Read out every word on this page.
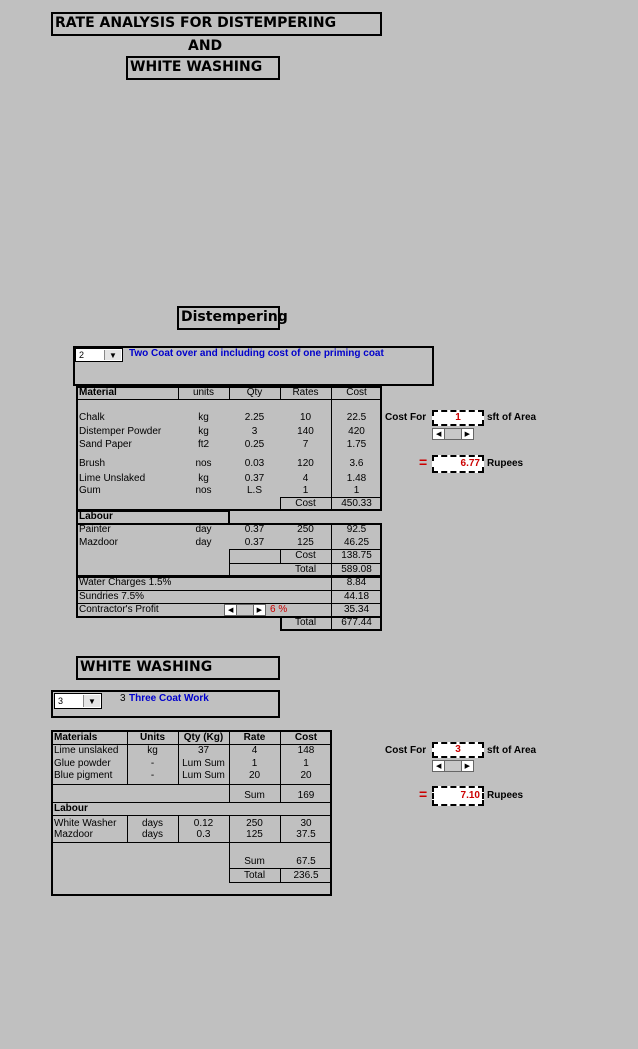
RATE ANALYSIS FOR DISTEMPERING
AND
WHITE WASHING
Distempering
2	▼	Two Coat over and including cost of one priming coat
Material	units	Qty	Rates	Cost
Chalk	kg	2.25	10	22.5
Distemper Powder	kg	3	140	420
Sand Paper	ft2	0.25	7	1.75
Brush	nos	0.03	120	3.6
Lime Unslaked	kg	0.37	4	1.48
Gum	nos	L.S	1	1
Cost	450.33
Labour
Painter	day	0.37	250	92.5
Mazdoor	day	0.37	125	46.25
Cost	138.75
Total	589.08
Water Charges 1.5%	8.84
Sundries 7.5%	44.18
Contractor's Profit	◀	▶ 6 %	35.34
Total	677.44
Cost For	1	sft of Area
◀	▶
=	6.77 Rupees
WHITE WASHING
3	▼	3 Three Coat Work
Materials	Units	Qty (Kg)	Rate	Cost
Lime unslaked	kg	37	4	148
Glue powder	-	Lum Sum	1	1
Blue pigment	-	Lum Sum	20	20
Sum	169
Labour
White Washer	days	0.12	250	30
Mazdoor	days	0.3	125	37.5
Sum	67.5
Total	236.5
Cost For	3	sft of Area
◀	▶
=	7.10 Rupees
